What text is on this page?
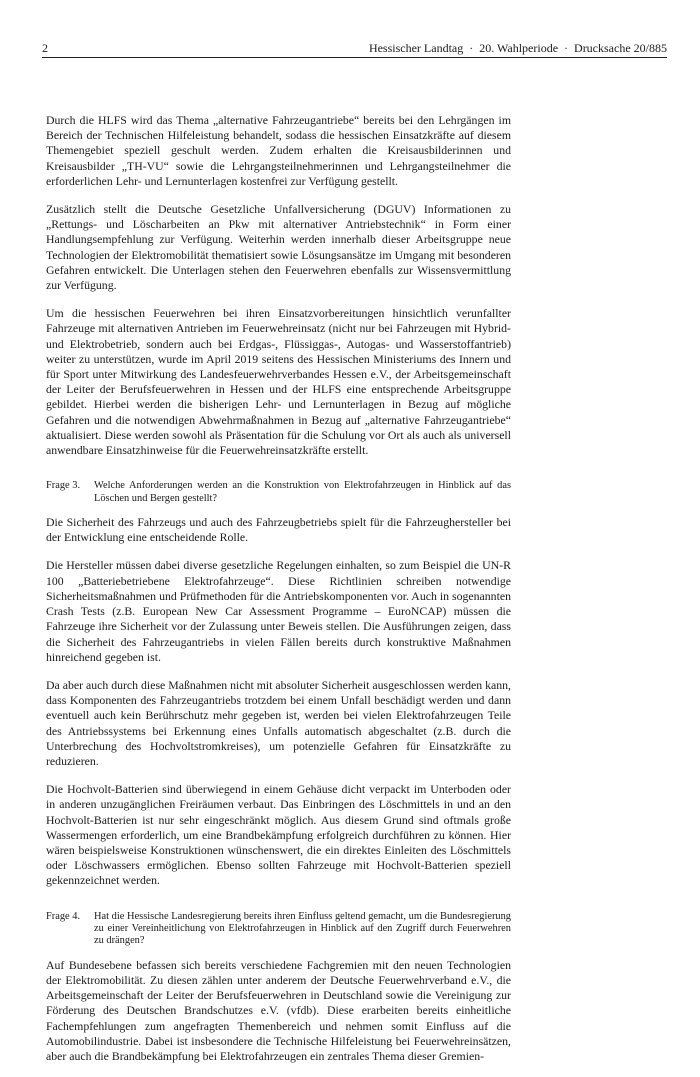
2	Hessischer Landtag  ·  20. Wahlperiode  ·  Drucksache 20/885

Durch die HLFS wird das Thema „alternative Fahrzeugantriebe“ bereits bei den Lehrgängen im Bereich der Technischen Hilfeleistung behandelt, sodass die hessischen Einsatzkräfte auf diesem Themengebiet speziell geschult werden. Zudem erhalten die Kreisausbilderinnen und Kreisausbilder „TH-VU“ sowie die Lehrgangsteilnehmerinnen und Lehrgangsteilnehmer die erforderlichen Lehr- und Lernunterlagen kostenfrei zur Verfügung gestellt.

Zusätzlich stellt die Deutsche Gesetzliche Unfallversicherung (DGUV) Informationen zu „Rettungs- und Löscharbeiten an Pkw mit alternativer Antriebstechnik“ in Form einer Handlungsempfehlung zur Verfügung. Weiterhin werden innerhalb dieser Arbeitsgruppe neue Technologien der Elektromobilität thematisiert sowie Lösungsansätze im Umgang mit besonderen Gefahren entwickelt. Die Unterlagen stehen den Feuerwehren ebenfalls zur Wissensvermittlung zur Verfügung.

Um die hessischen Feuerwehren bei ihren Einsatzvorbereitungen hinsichtlich verunfallter Fahrzeuge mit alternativen Antrieben im Feuerwehreinsatz (nicht nur bei Fahrzeugen mit Hybrid- und Elektrobetrieb, sondern auch bei Erdgas-, Flüssiggas-, Autogas- und Wasserstoffantrieb) weiter zu unterstützen, wurde im April 2019 seitens des Hessischen Ministeriums des Innern und für Sport unter Mitwirkung des Landesfeuerwehrverbandes Hessen e.V., der Arbeitsgemeinschaft der Leiter der Berufsfeuerwehren in Hessen und der HLFS eine entsprechende Arbeitsgruppe gebildet. Hierbei werden die bisherigen Lehr- und Lernunterlagen in Bezug auf mögliche Gefahren und die notwendigen Abwehrmaßnahmen in Bezug auf „alternative Fahrzeugantriebe“ aktualisiert. Diese werden sowohl als Präsentation für die Schulung vor Ort als auch als universell anwendbare Einsatzhinweise für die Feuerwehreinsatzkräfte erstellt.

Frage 3.	Welche Anforderungen werden an die Konstruktion von Elektrofahrzeugen in Hinblick auf das Löschen und Bergen gestellt?

Die Sicherheit des Fahrzeugs und auch des Fahrzeugbetriebs spielt für die Fahrzeughersteller bei der Entwicklung eine entscheidende Rolle.

Die Hersteller müssen dabei diverse gesetzliche Regelungen einhalten, so zum Beispiel die UN-R 100 „Batteriebetriebene Elektrofahrzeuge“. Diese Richtlinien schreiben notwendige Sicherheitsmaßnahmen und Prüfmethoden für die Antriebskomponenten vor. Auch in sogenannten Crash Tests (z.B. European New Car Assessment Programme – EuroNCAP) müssen die Fahrzeuge ihre Sicherheit vor der Zulassung unter Beweis stellen. Die Ausführungen zeigen, dass die Sicherheit des Fahrzeugantriebs in vielen Fällen bereits durch konstruktive Maßnahmen hinreichend gegeben ist.

Da aber auch durch diese Maßnahmen nicht mit absoluter Sicherheit ausgeschlossen werden kann, dass Komponenten des Fahrzeugantriebs trotzdem bei einem Unfall beschädigt werden und dann eventuell auch kein Berührschutz mehr gegeben ist, werden bei vielen Elektrofahrzeugen Teile des Antriebssystems bei Erkennung eines Unfalls automatisch abgeschaltet (z.B. durch die Unterbrechung des Hochvoltstromkreises), um potenzielle Gefahren für Einsatzkräfte zu reduzieren.

Die Hochvolt-Batterien sind überwiegend in einem Gehäuse dicht verpackt im Unterboden oder in anderen unzugänglichen Freiräumen verbaut. Das Einbringen des Löschmittels in und an den Hochvolt-Batterien ist nur sehr eingeschränkt möglich. Aus diesem Grund sind oftmals große Wassermengen erforderlich, um eine Brandbekämpfung erfolgreich durchführen zu können. Hier wären beispielsweise Konstruktionen wünschenswert, die ein direktes Einleiten des Löschmittels oder Löschwassers ermöglichen. Ebenso sollten Fahrzeuge mit Hochvolt-Batterien speziell gekennzeichnet werden.

Frage 4.	Hat die Hessische Landesregierung bereits ihren Einfluss geltend gemacht, um die Bundesregierung zu einer Vereinheitlichung von Elektrofahrzeugen in Hinblick auf den Zugriff durch Feuerwehren zu drängen?

Auf Bundesebene befassen sich bereits verschiedene Fachgremien mit den neuen Technologien der Elektromobilität. Zu diesen zählen unter anderem der Deutsche Feuerwehrverband e.V., die Arbeitsgemeinschaft der Leiter der Berufsfeuerwehren in Deutschland sowie die Vereinigung zur Förderung des Deutschen Brandschutzes e.V. (vfdb). Diese erarbeiten bereits einheitliche Fachempfehlungen zum angefragten Themenbereich und nehmen somit Einfluss auf die Automobilindustrie. Dabei ist insbesondere die Technische Hilfeleistung bei Feuerwehreinsätzen, aber auch die Brandbekämpfung bei Elektrofahrzeugen ein zentrales Thema dieser Gremien-
